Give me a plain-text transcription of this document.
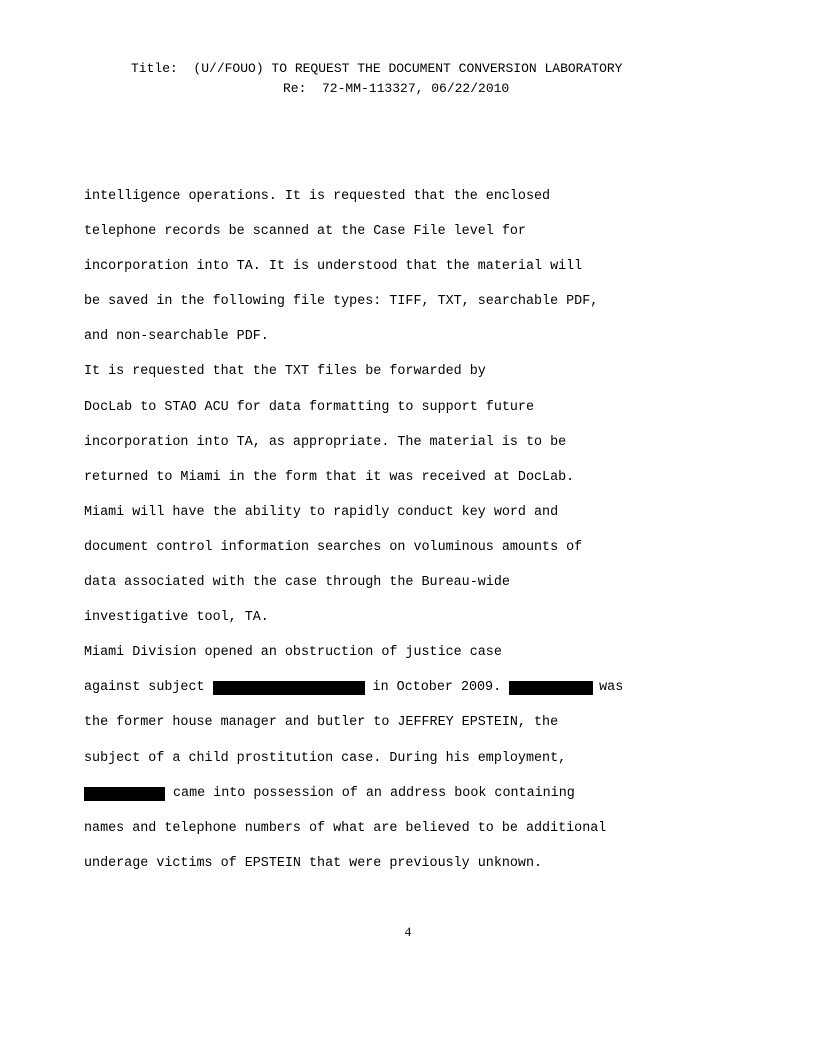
Title:  (U//FOUO) TO REQUEST THE DOCUMENT CONVERSION LABORATORY
Re:  72-MM-113327, 06/22/2010
intelligence operations. It is requested that the enclosed
telephone records be scanned at the Case File level for
incorporation into TA. It is understood that the material will
be saved in the following file types: TIFF, TXT, searchable PDF,
and non-searchable PDF.
It is requested that the TXT files be forwarded by
DocLab to STAO ACU for data formatting to support future
incorporation into TA, as appropriate. The material is to be
returned to Miami in the form that it was received at DocLab.
Miami will have the ability to rapidly conduct key word and
document control information searches on voluminous amounts of
data associated with the case through the Bureau-wide
investigative tool, TA.
Miami Division opened an obstruction of justice case
against subject	in October 2009.	was
the former house manager and butler to JEFFREY EPSTEIN, the
subject of a child prostitution case. During his employment,
came into possession of an address book containing
names and telephone numbers of what are believed to be additional
underage victims of EPSTEIN that were previously unknown.
4
